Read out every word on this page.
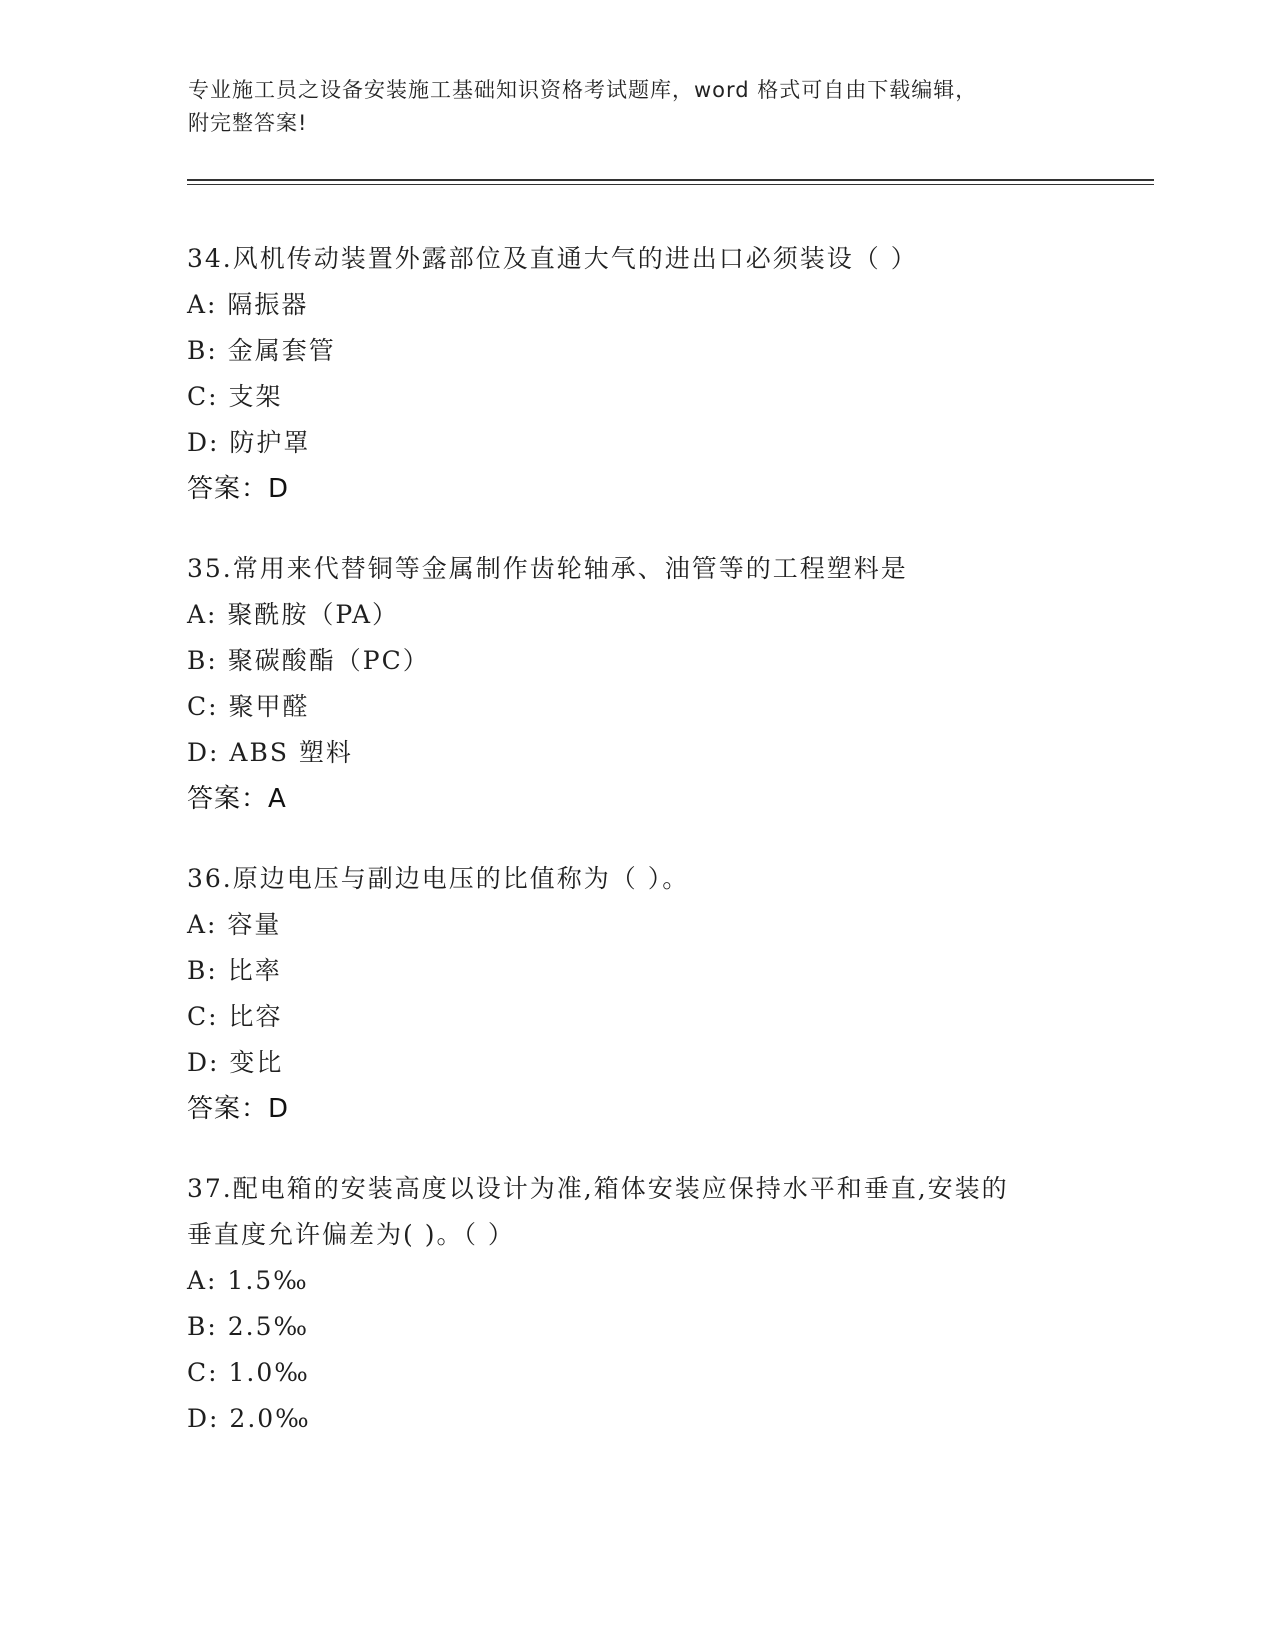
专业施工员之设备安装施工基础知识资格考试题库，word 格式可自由下载编辑，
附完整答案!
34.风机传动装置外露部位及直通大气的进出口必须装设（ ）
A: 隔振器
B: 金属套管
C: 支架
D: 防护罩
答案：D
35.常用来代替铜等金属制作齿轮轴承、油管等的工程塑料是
A: 聚酰胺（PA）
B: 聚碳酸酯（PC）
C: 聚甲醛
D: ABS 塑料
答案：A
36.原边电压与副边电压的比值称为（ ）。
A: 容量
B: 比率
C: 比容
D: 变比
答案：D
37.配电箱的安装高度以设计为准,箱体安装应保持水平和垂直,安装的
垂直度允许偏差为( )。（ ）
A: 1.5‰
B: 2.5‰
C: 1.0‰
D: 2.0‰
